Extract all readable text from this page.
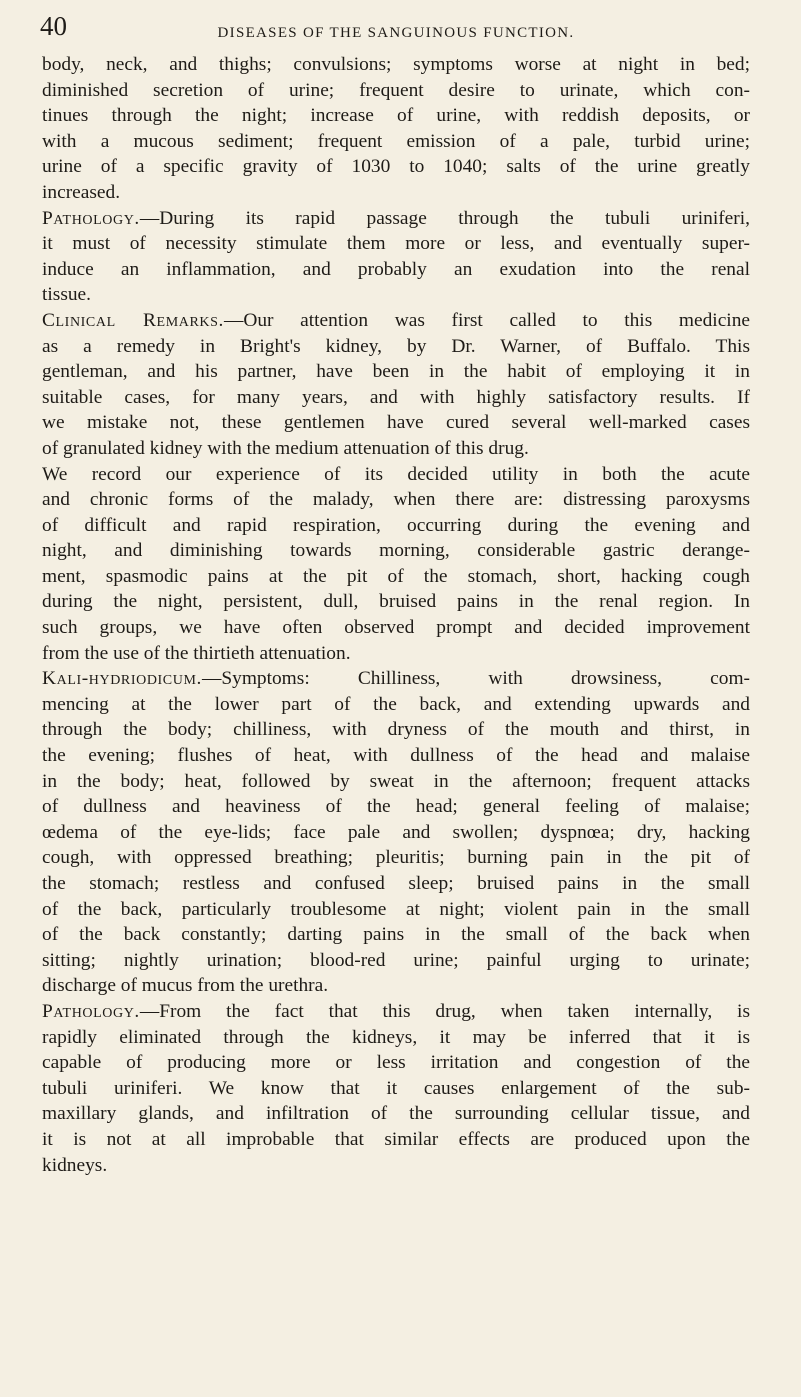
40	DISEASES OF THE SANGUINOUS FUNCTION.
body, neck, and thighs; convulsions; symptoms worse at night in bed;
diminished secretion of urine; frequent desire to urinate, which con-
tinues through the night; increase of urine, with reddish deposits, or
with a mucous sediment; frequent emission of a pale, turbid urine;
urine of a specific gravity of 1030 to 1040; salts of the urine greatly
increased.
Pathology.—During its rapid passage through the tubuli uriniferi,
it must of necessity stimulate them more or less, and eventually super-
induce an inflammation, and probably an exudation into the renal
tissue.
Clinical Remarks.—Our attention was first called to this medicine
as a remedy in Bright's kidney, by Dr. Warner, of Buffalo. This
gentleman, and his partner, have been in the habit of employing it in
suitable cases, for many years, and with highly satisfactory results. If
we mistake not, these gentlemen have cured several well-marked cases
of granulated kidney with the medium attenuation of this drug.
We record our experience of its decided utility in both the acute
and chronic forms of the malady, when there are: distressing paroxysms
of difficult and rapid respiration, occurring during the evening and
night, and diminishing towards morning, considerable gastric derange-
ment, spasmodic pains at the pit of the stomach, short, hacking cough
during the night, persistent, dull, bruised pains in the renal region. In
such groups, we have often observed prompt and decided improvement
from the use of the thirtieth attenuation.
Kali-hydriodicum.—Symptoms: Chilliness, with drowsiness, com-
mencing at the lower part of the back, and extending upwards and
through the body; chilliness, with dryness of the mouth and thirst, in
the evening; flushes of heat, with dullness of the head and malaise
in the body; heat, followed by sweat in the afternoon; frequent attacks
of dullness and heaviness of the head; general feeling of malaise;
œdema of the eye-lids; face pale and swollen; dyspnœa; dry, hacking
cough, with oppressed breathing; pleuritis; burning pain in the pit of
the stomach; restless and confused sleep; bruised pains in the small
of the back, particularly troublesome at night; violent pain in the small
of the back constantly; darting pains in the small of the back when
sitting; nightly urination; blood-red urine; painful urging to urinate;
discharge of mucus from the urethra.
Pathology.—From the fact that this drug, when taken internally, is
rapidly eliminated through the kidneys, it may be inferred that it is
capable of producing more or less irritation and congestion of the
tubuli uriniferi. We know that it causes enlargement of the sub-
maxillary glands, and infiltration of the surrounding cellular tissue, and
it is not at all improbable that similar effects are produced upon the
kidneys.
